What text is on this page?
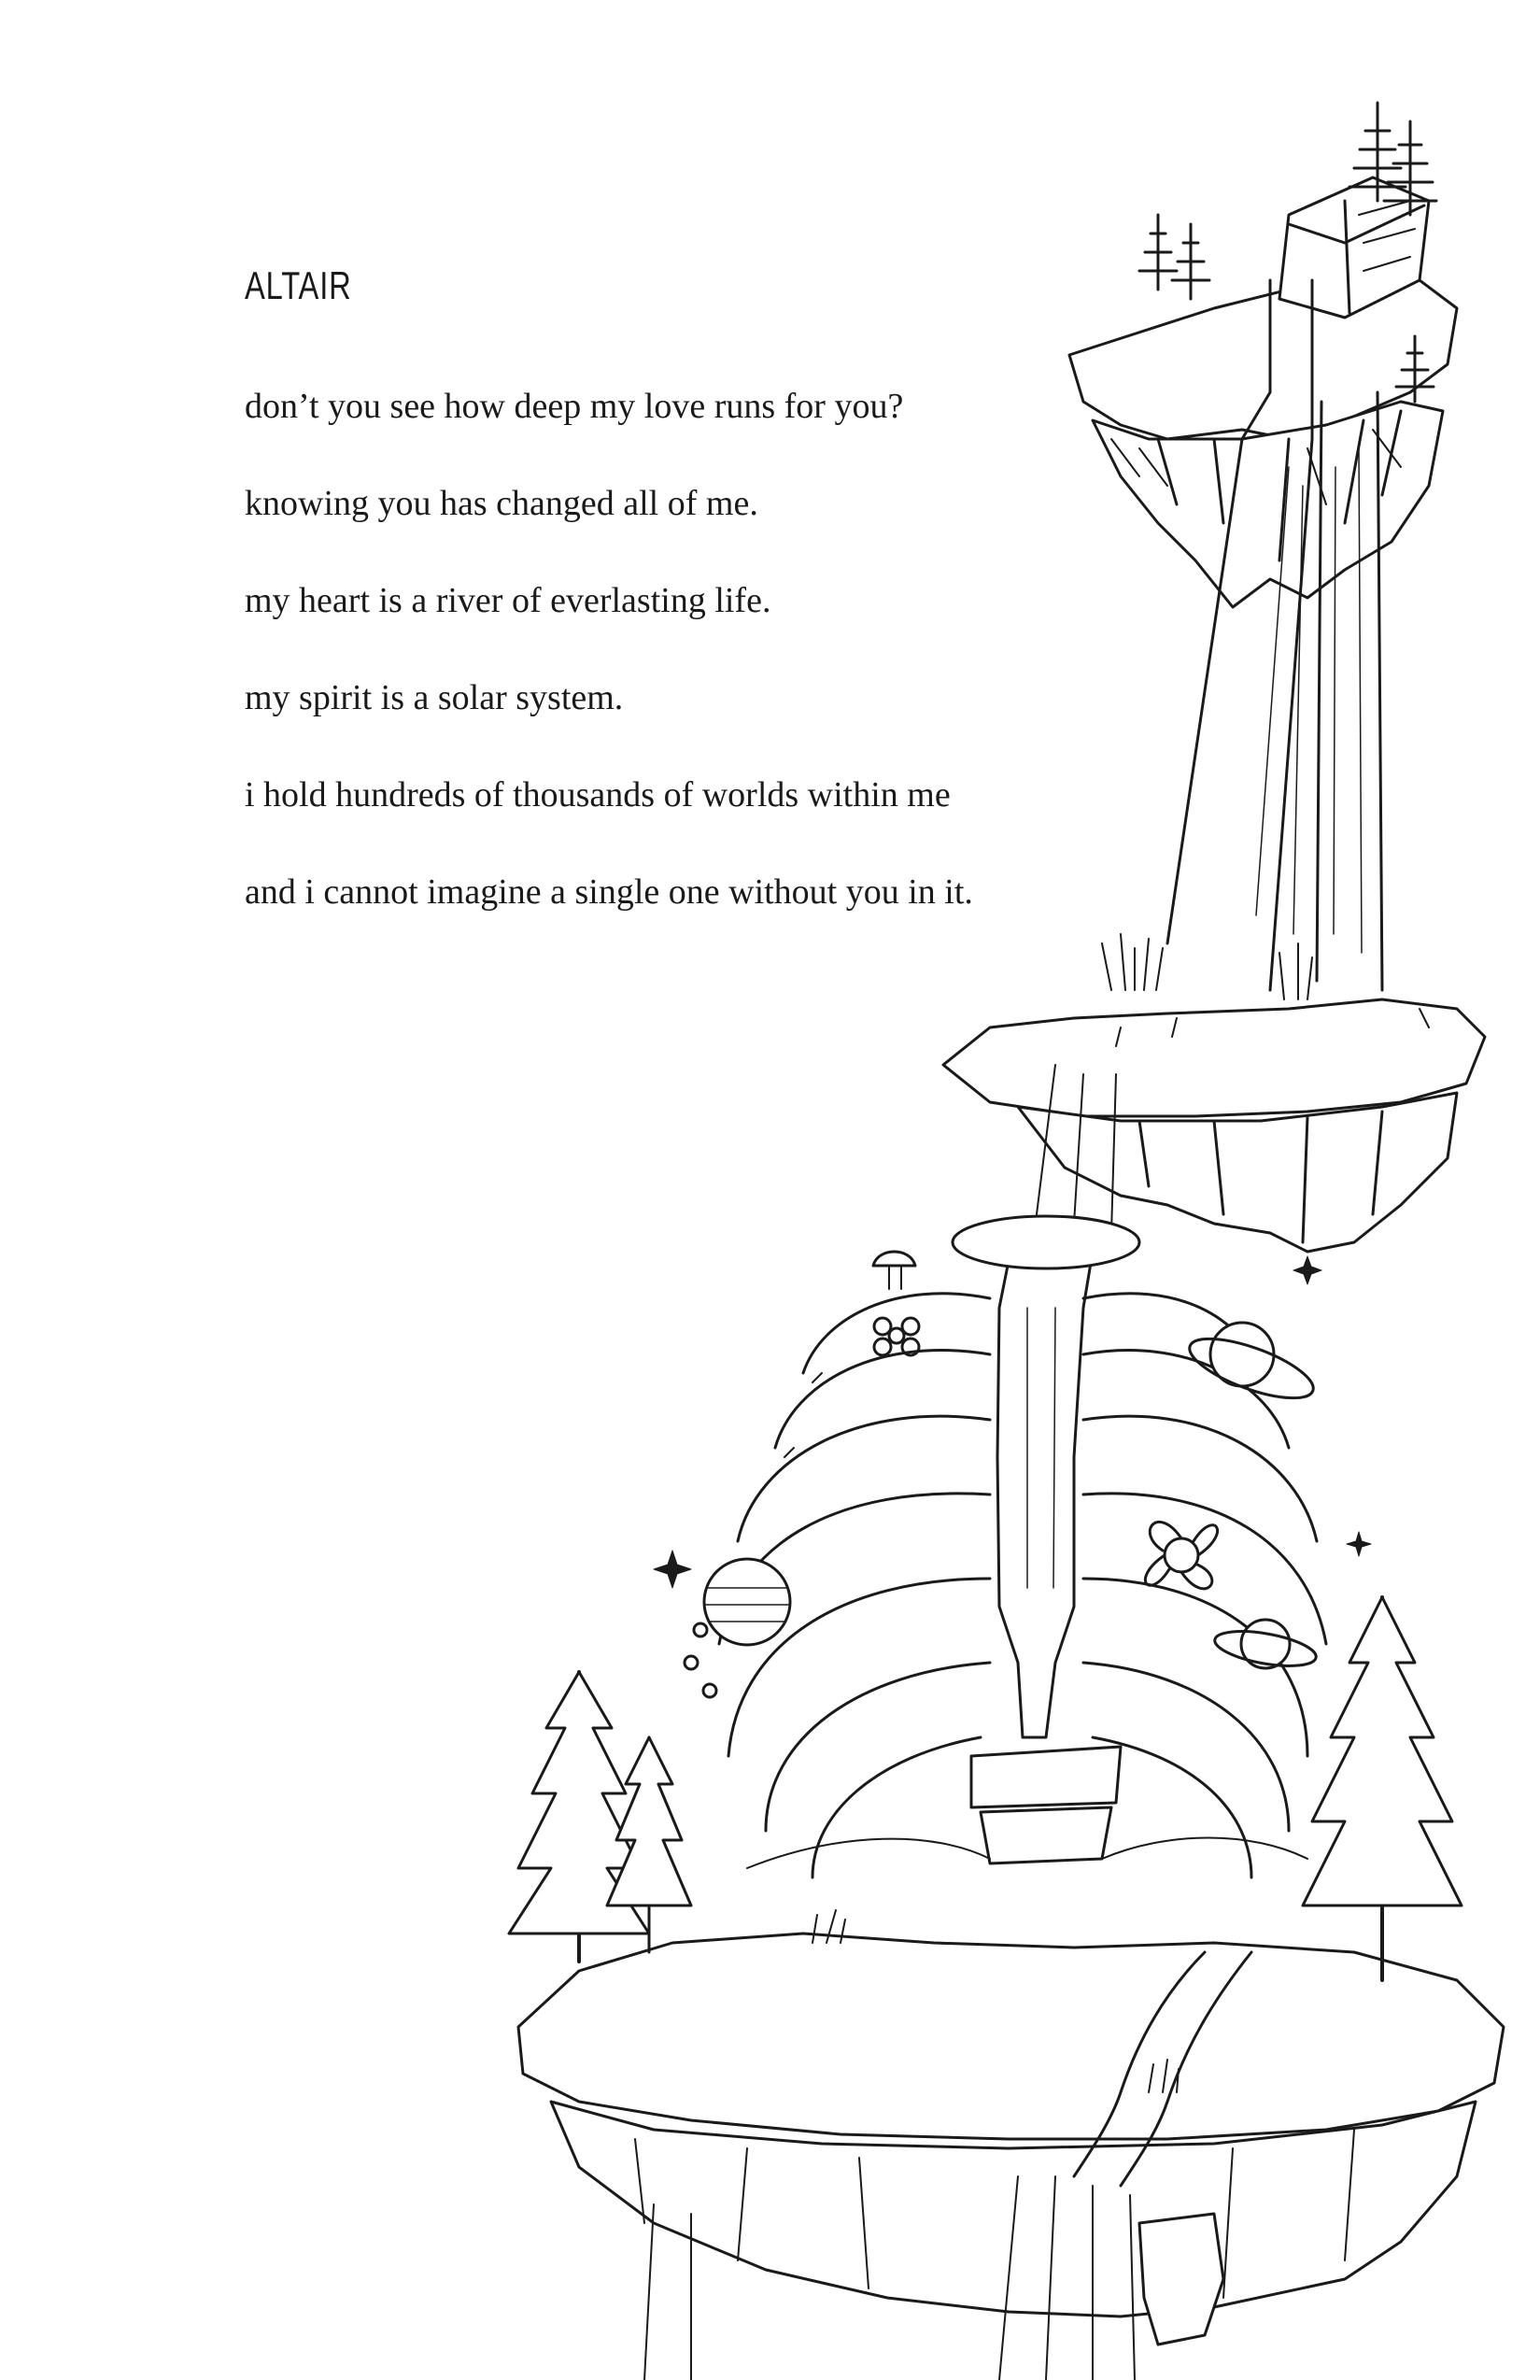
ALTAIR
don’t you see how deep my love runs for you?
knowing you has changed all of me.
my heart is a river of everlasting life.
my spirit is a solar system.
i hold hundreds of thousands of worlds within me
and i cannot imagine a single one without you in it.
